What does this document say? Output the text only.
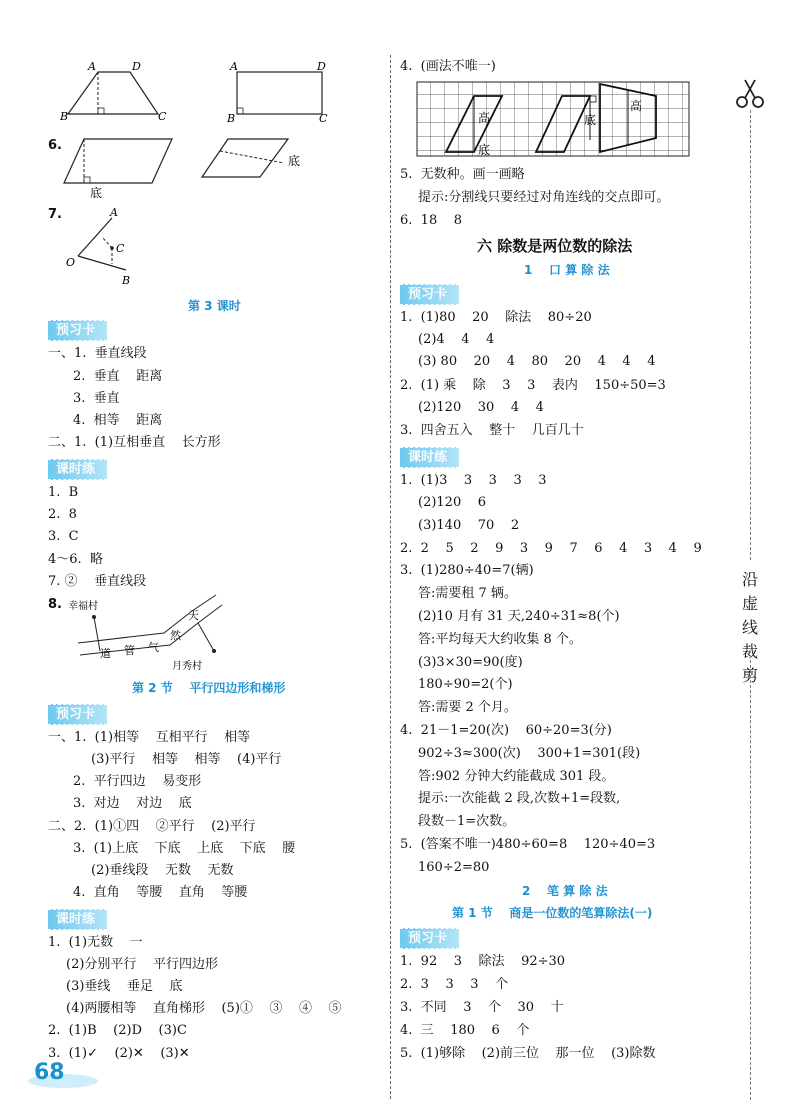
A	D
B	C
A	D
B	C
6.
底
底
7.	A
C
O
B
第 3 课时
预习卡
一、1.  垂直线段
2.  垂直    距离
3.  垂直
4.  相等    距离
二、1.  (1)互相垂直    长方形
课时练
1.  B
2.  8
3.  C
4～6.  略
7. ②    垂直线段
8. 幸福村
道 管 气
然
天
月秀村
第 2 节    平行四边形和梯形
预习卡
一、1.  (1)相等    互相平行    相等
(3)平行    相等    相等    (4)平行
2.  平行四边    易变形
3.  对边    对边    底
二、2.  (1)①四    ②平行    (2)平行
3.  (1)上底    下底    上底    下底    腰
(2)垂线段    无数    无数
4.  直角    等腰    直角    等腰
课时练
1.  (1)无数    一
(2)分别平行    平行四边形
(3)垂线    垂足    底
(4)两腰相等    直角梯形    (5)①    ③    ④    ⑤
2.  (1)B    (2)D    (3)C
3.  (1)✓    (2)✕    (3)✕
68
4.  (画法不唯一)
高
底
底
高
5.  无数种。画一画略
提示:分割线只要经过对角连线的交点即可。
6.  18    8
六 除数是两位数的除法
1    口 算 除 法
预习卡
1.  (1)80    20    除法    80÷20
(2)4    4    4
(3) 80    20    4    80    20    4    4    4
2.  (1) 乘    除    3    3    表内    150÷50=3
(2)120    30    4    4
3.  四舍五入    整十    几百几十
课时练
1.  (1)3    3    3    3    3
(2)120    6
(3)140    70    2
2.  2    5    2    9    3    9    7    6    4    3    4    9
3.  (1)280÷40=7(辆)
答:需要租 7 辆。
(2)10 月有 31 天,240÷31≈8(个)
答:平均每天大约收集 8 个。
(3)3×30=90(度)
180÷90=2(个)
答:需要 2 个月。
4.  21－1=20(次)    60÷20=3(分)
902÷3≈300(次)    300+1=301(段)
答:902 分钟大约能截成 301 段。
提示:一次能截 2 段,次数+1=段数,
段数－1=次数。
5.  (答案不唯一)480÷60=8    120÷40=3
160÷2=80
2    笔 算 除 法
第 1 节    商是一位数的笔算除法(一)
预习卡
1.  92    3    除法    92÷30
2.  3    3    3    个
3.  不同    3    个    30    十
4.  三    180    6    个
5.  (1)够除    (2)前三位    那一位    (3)除数
沿
虚
线
裁
剪
